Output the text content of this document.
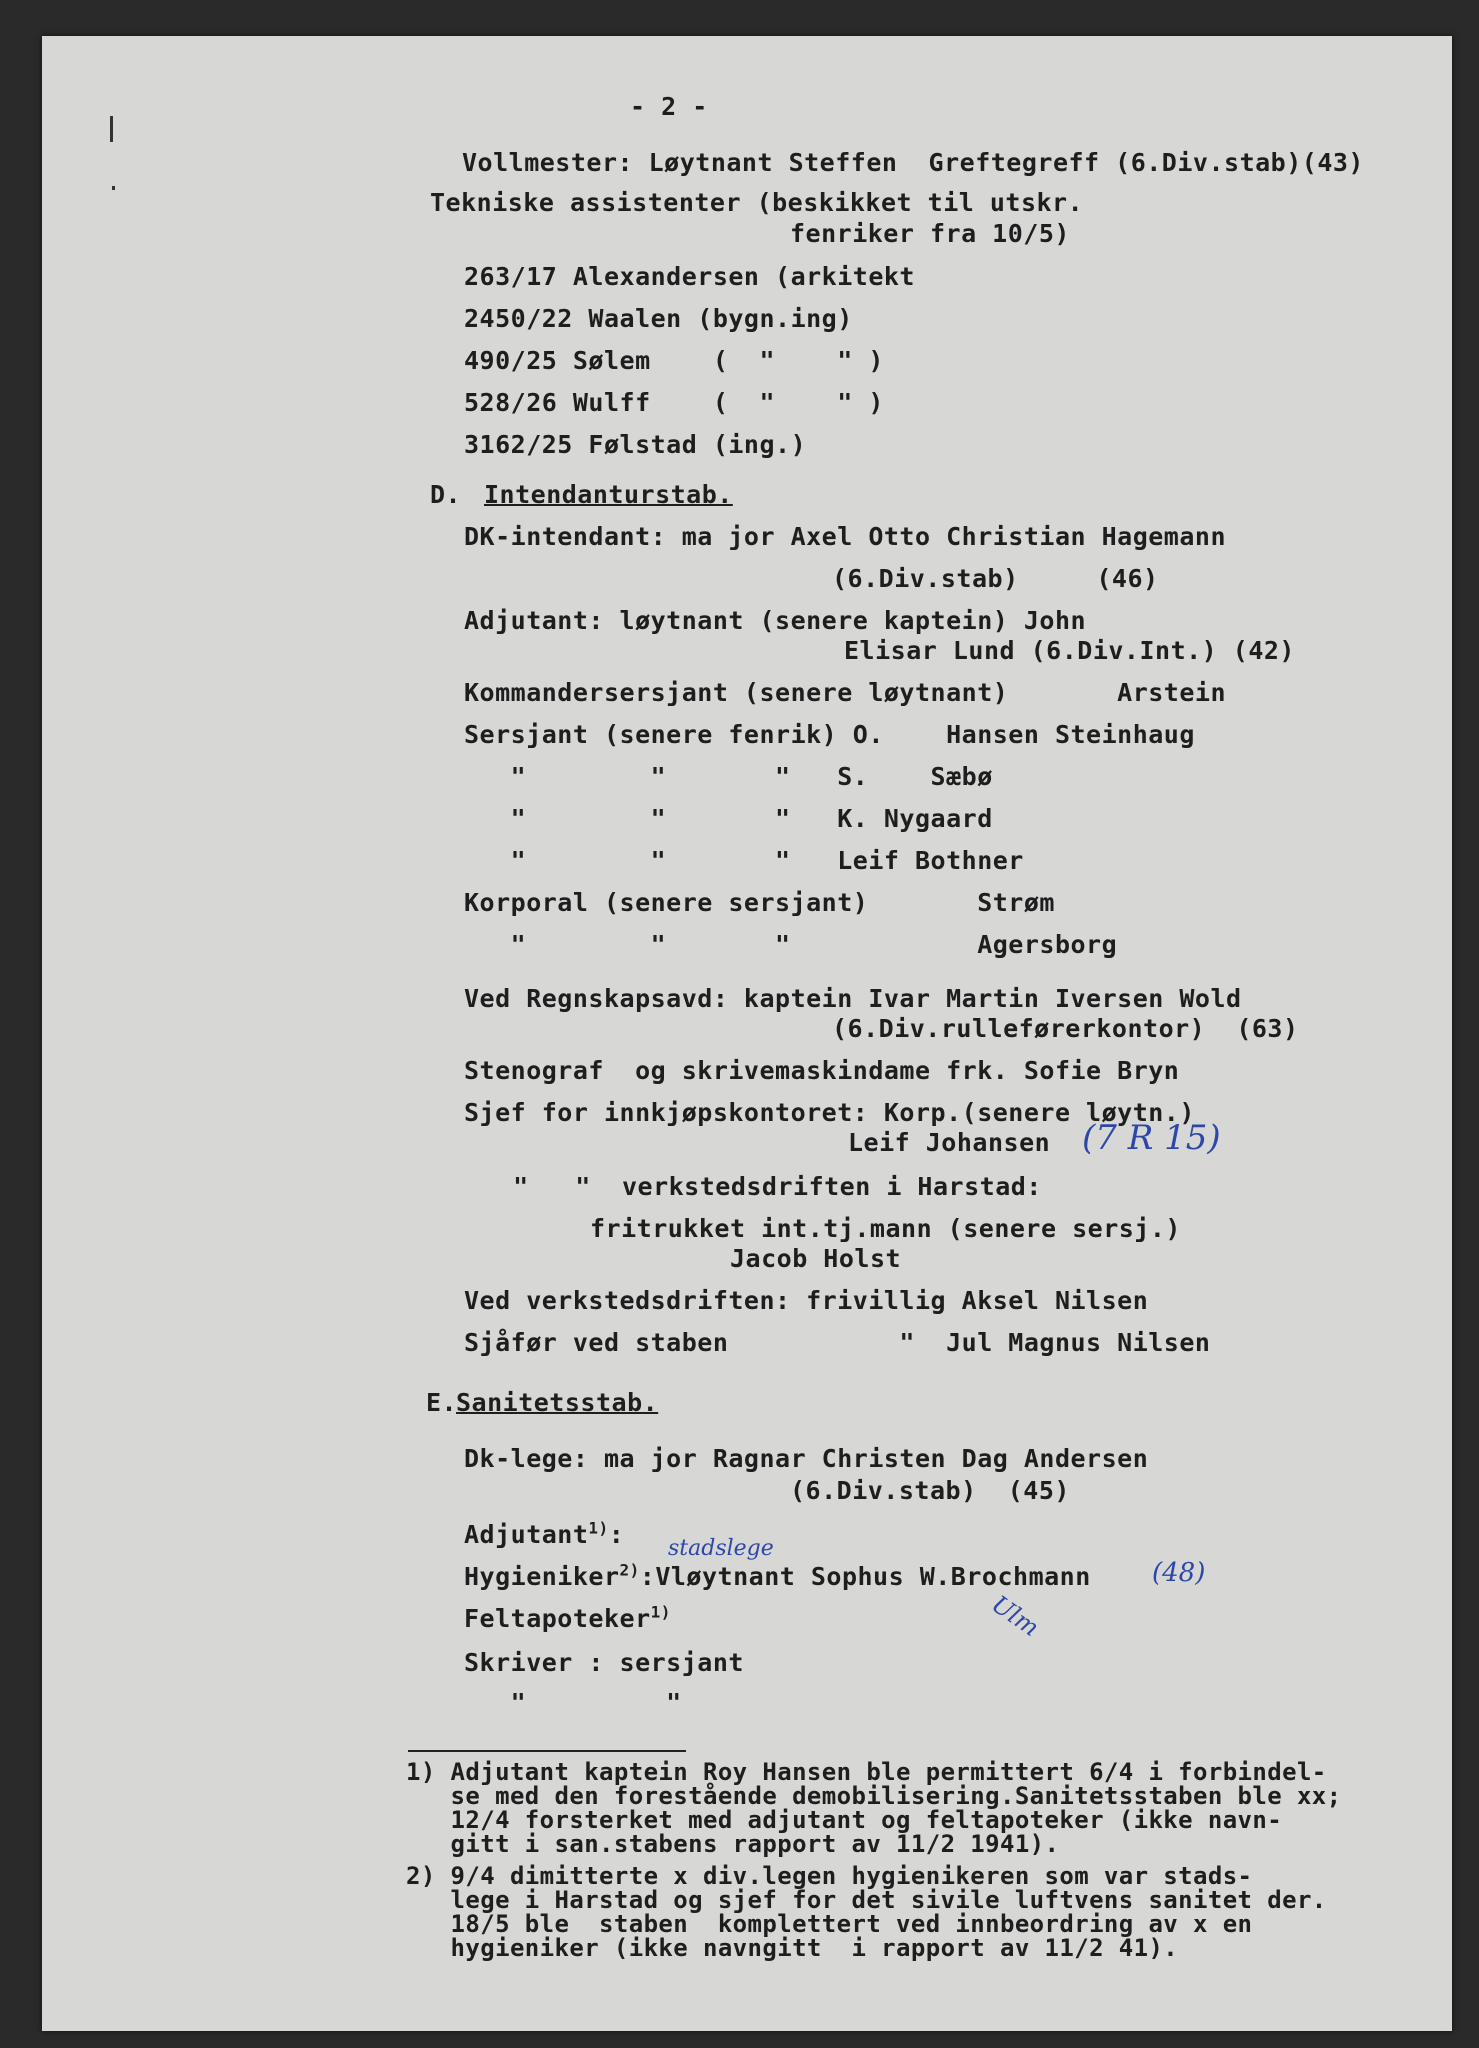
- 2 -
Vollmester: Løytnant Steffen  Greftegreff (6.Div.stab)(43)
Tekniske assistenter (beskikket til utskr.
fenriker fra 10/5)
263/17 Alexandersen (arkitekt
2450/22 Waalen (bygn.ing)
490/25 Sølem    (  "    " )
528/26 Wulff    (  "    " )
3162/25 Følstad (ing.)
D. Intendanturstab.
DK-intendant: ma jor Axel Otto Christian Hagemann
(6.Div.stab)     (46)
Adjutant: løytnant (senere kaptein) John
Elisar Lund (6.Div.Int.) (42)
Kommandersersjant (senere løytnant)       Arstein
Sersjant (senere fenrik) O.    Hansen Steinhaug
"        "       "   S.    Sæbø
"        "       "   K. Nygaard
"        "       "   Leif Bothner
Korporal (senere sersjant)       Strøm
"        "       "            Agersborg
Ved Regnskapsavd: kaptein Ivar Martin Iversen Wold
(6.Div.rulleførerkontor)  (63)
Stenograf  og skrivemaskindame frk. Sofie Bryn
Sjef for innkjøpskontoret: Korp.(senere løytn.)
Leif Johansen (7 R 15)
"   "  verkstedsdriften i Harstad:
fritrukket int.tj.mann (senere sersj.)
Jacob Holst
Ved verkstedsdriften: frivillig Aksel Nilsen
Sjåfør ved staben           "  Jul Magnus Nilsen
E.
Sanitetsstab.
Dk-lege: ma jor Ragnar Christen Dag Andersen
(6.Div.stab)  (45)
Adjutant$^{1)}$: stadslege
Hygieniker$^{2)}$:Vløytnant Sophus W.Brochmann (48)
Ulm
Feltapoteker$^{1)}$
Skriver : sersjant
"         "
1) Adjutant kaptein Roy Hansen ble permittert 6/4 i forbindel-
se med den forestående demobilisering.Sanitetsstaben ble xx;
12/4 forsterket med adjutant og feltapoteker (ikke navn-
gitt i san.stabens rapport av 11/2 1941).
2) 9/4 dimitterte x div.legen hygienikeren som var stads-
lege i Harstad og sjef for det sivile luftvens sanitet der.
18/5 ble  staben  komplettert ved innbeordring av x en
hygieniker (ikke navngitt  i rapport av 11/2 41).
